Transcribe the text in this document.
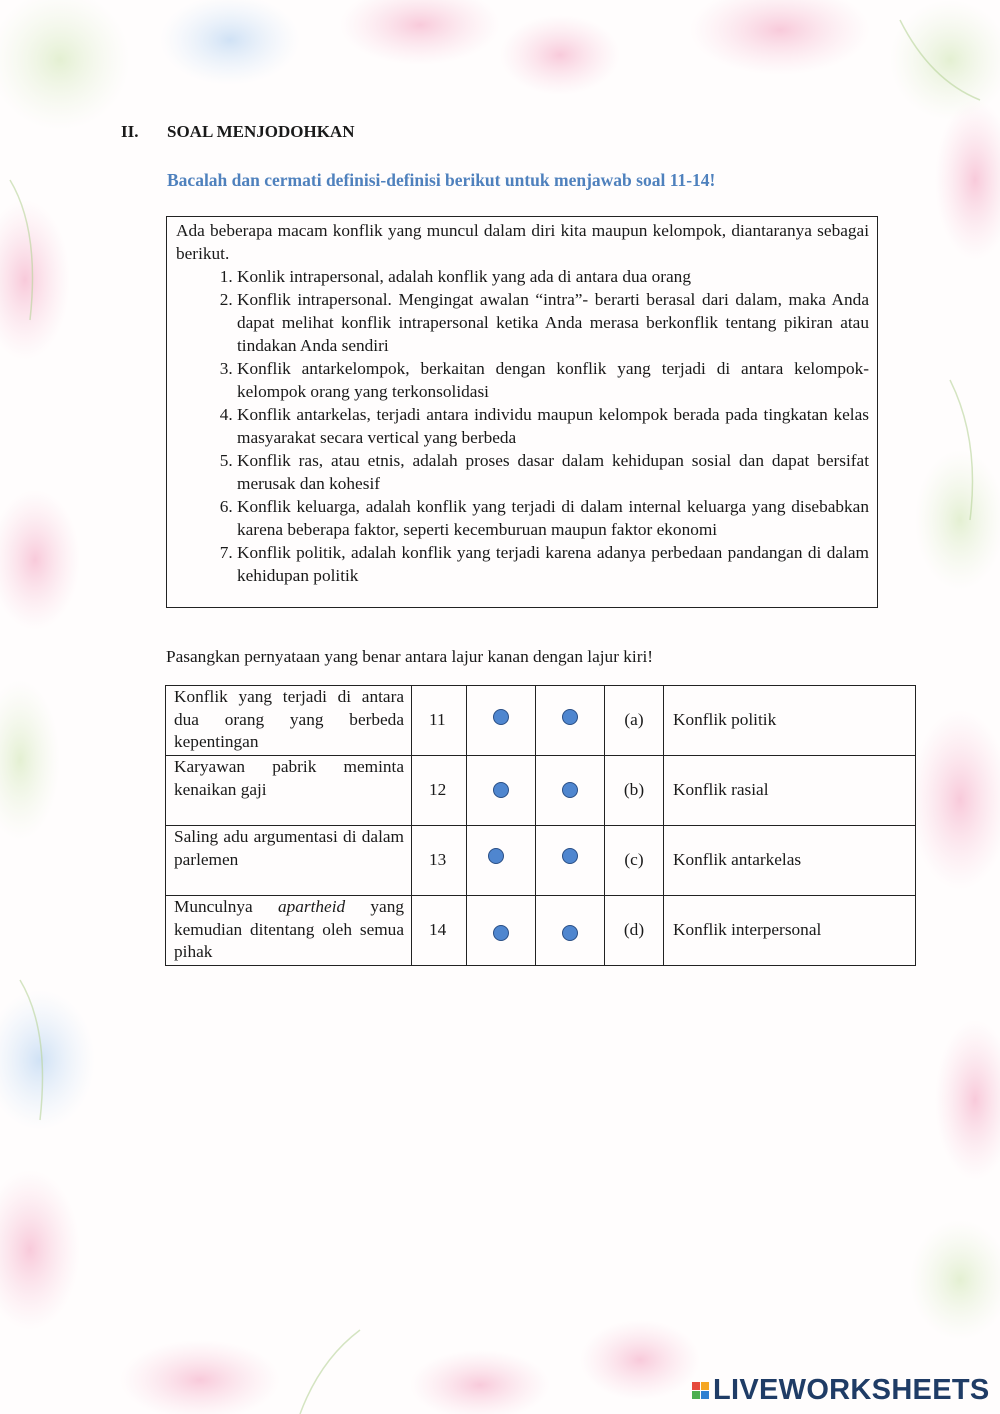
II. SOAL MENJODOHKAN
Bacalah dan cermati definisi-definisi berikut untuk menjawab soal 11-14!

Ada beberapa macam konflik yang muncul dalam diri kita maupun kelompok, diantaranya sebagai berikut.

1. Konlik intrapersonal, adalah konflik yang ada di antara dua orang
2. Konflik intrapersonal. Mengingat awalan “intra”- berarti berasal dari dalam, maka Anda dapat melihat konflik intrapersonal ketika Anda merasa berkonflik tentang pikiran atau tindakan Anda sendiri
3. Konflik antarkelompok, berkaitan dengan konflik yang terjadi di antara kelompok-kelompok orang yang terkonsolidasi
4. Konflik antarkelas, terjadi antara individu maupun kelompok berada pada tingkatan kelas masyarakat secara vertical yang berbeda
5. Konflik ras, atau etnis, adalah proses dasar dalam kehidupan sosial dan dapat bersifat merusak dan kohesif
6. Konflik keluarga, adalah konflik yang terjadi di dalam internal keluarga yang disebabkan karena beberapa faktor, seperti kecemburuan maupun faktor ekonomi
7. Konflik politik, adalah konflik yang terjadi karena adanya perbedaan pandangan di dalam kehidupan politik
Pasangkan pernyataan yang benar antara lajur kanan dengan lajur kiri!
Konflik yang terjadi di antara dua orang yang berbeda kepentingan	11			(a)	Konflik politik
Karyawan pabrik meminta kenaikan gaji	12			(b)	Konflik rasial
Saling adu argumentasi di dalam parlemen	13			(c)	Konflik antarkelas
Munculnya apartheid yang kemudian ditentang oleh semua pihak	14			(d)	Konflik interpersonal
LIVEWORKSHEETS
